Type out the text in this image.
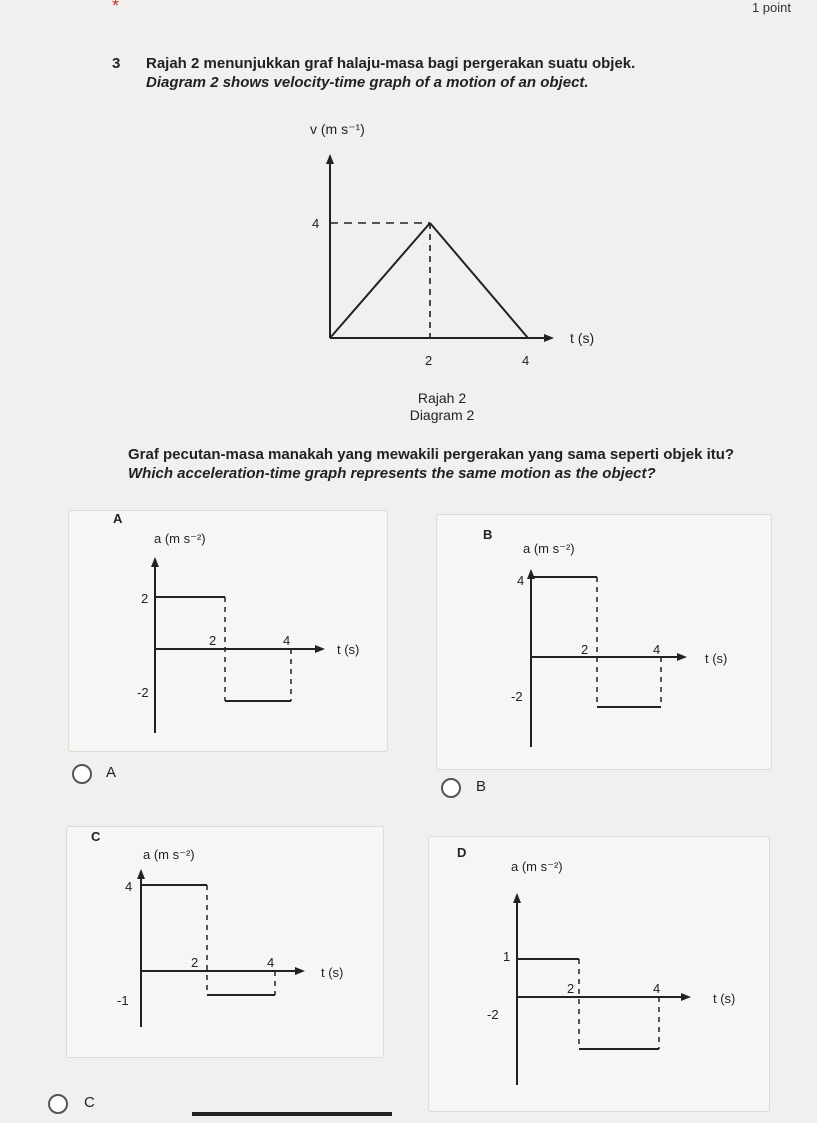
*	1 point
3 Rajah 2 menunjukkan graf halaju-masa bagi pergerakan suatu objek.
Diagram 2 shows velocity-time graph of a motion of an object.
v (m s⁻¹)
4
2	4
t (s)
Rajah 2
Diagram 2
Graf pecutan-masa manakah yang mewakili pergerakan yang sama seperti objek itu?
Which acceleration-time graph represents the same motion as the object?
A
a (m s⁻²)
2
2	4
-2
t (s)
B
a (m s⁻²)
4
2	4
-2
t (s)
A
B
C
a (m s⁻²)
4
2	4
-1
t (s)
D
a (m s⁻²)
1
2	4
-2
t (s)
C
